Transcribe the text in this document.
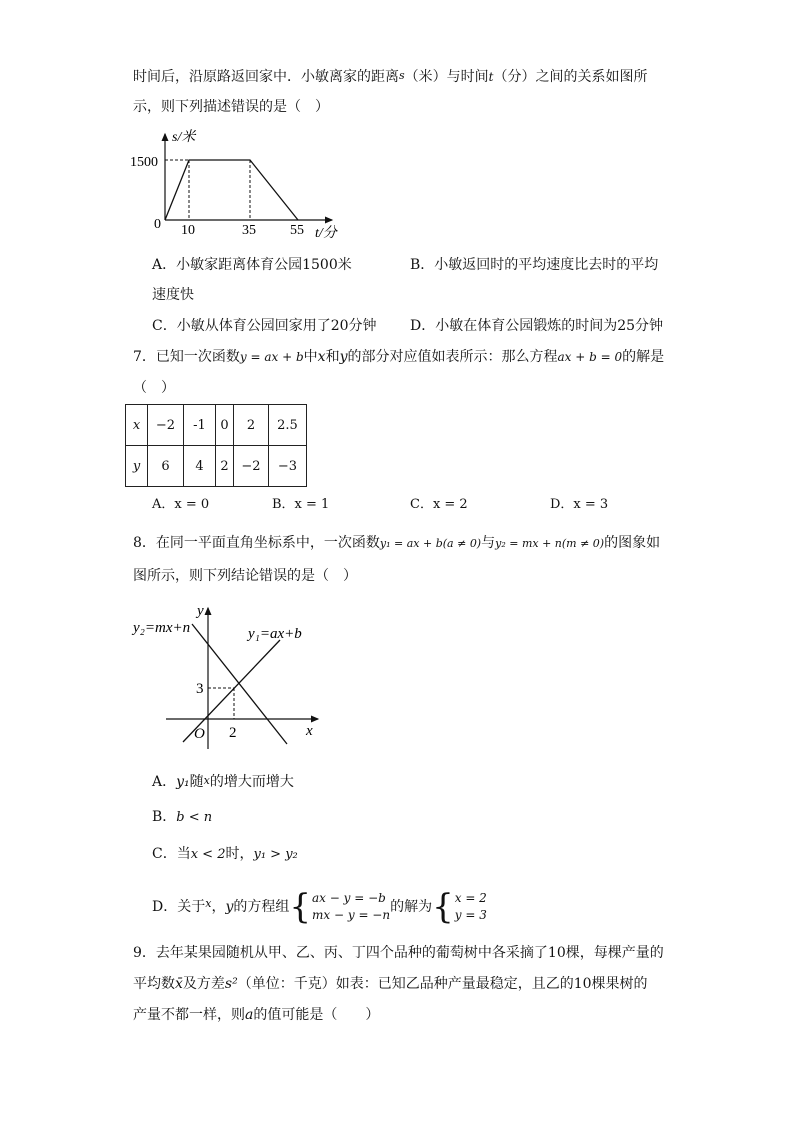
时间后，沿原路返回家中．小敏离家的距离s（米）与时间t（分）之间的关系如图所
示，则下列描述错误的是（　）
s/米
1500
0 10	35 55 t/分
A．小敏家距离体育公园1500米	B．小敏返回时的平均速度比去时的平均
速度快
C．小敏从体育公园回家用了20分钟 D．小敏在体育公园锻炼的时间为25分钟
7．已知一次函数y = ax + b中x和y的部分对应值如表所示：那么方程ax + b = 0的解是
（　）
x	−2	-1	0	2	2.5
y	6	4	2	−2	−3
A．x = 0	B．x = 1	C．x = 2	D．x = 3
8．在同一平面直角坐标系中，一次函数y₁ = ax + b(a ≠ 0)与y₂ = mx + n(m ≠ 0)的图象如
图所示，则下列结论错误的是（　）
y₂=mx+n	y₁=ax+b
y
x
O
3
2
A．y₁随x的增大而增大
B．b < n
C．当x < 2时，y₁ > y₂
D．关于$^x$，y的方程组{ax − y = −b
mx − y = −n的解为{x = 2
y = 3
9．去年某果园随机从甲、乙、丙、丁四个品种的葡萄树中各采摘了10棵，每棵产量的
平均数x̄及方差s²（单位：千克）如表：已知乙品种产量最稳定，且乙的10棵果树的
产量不都一样，则a的值可能是（　　）
